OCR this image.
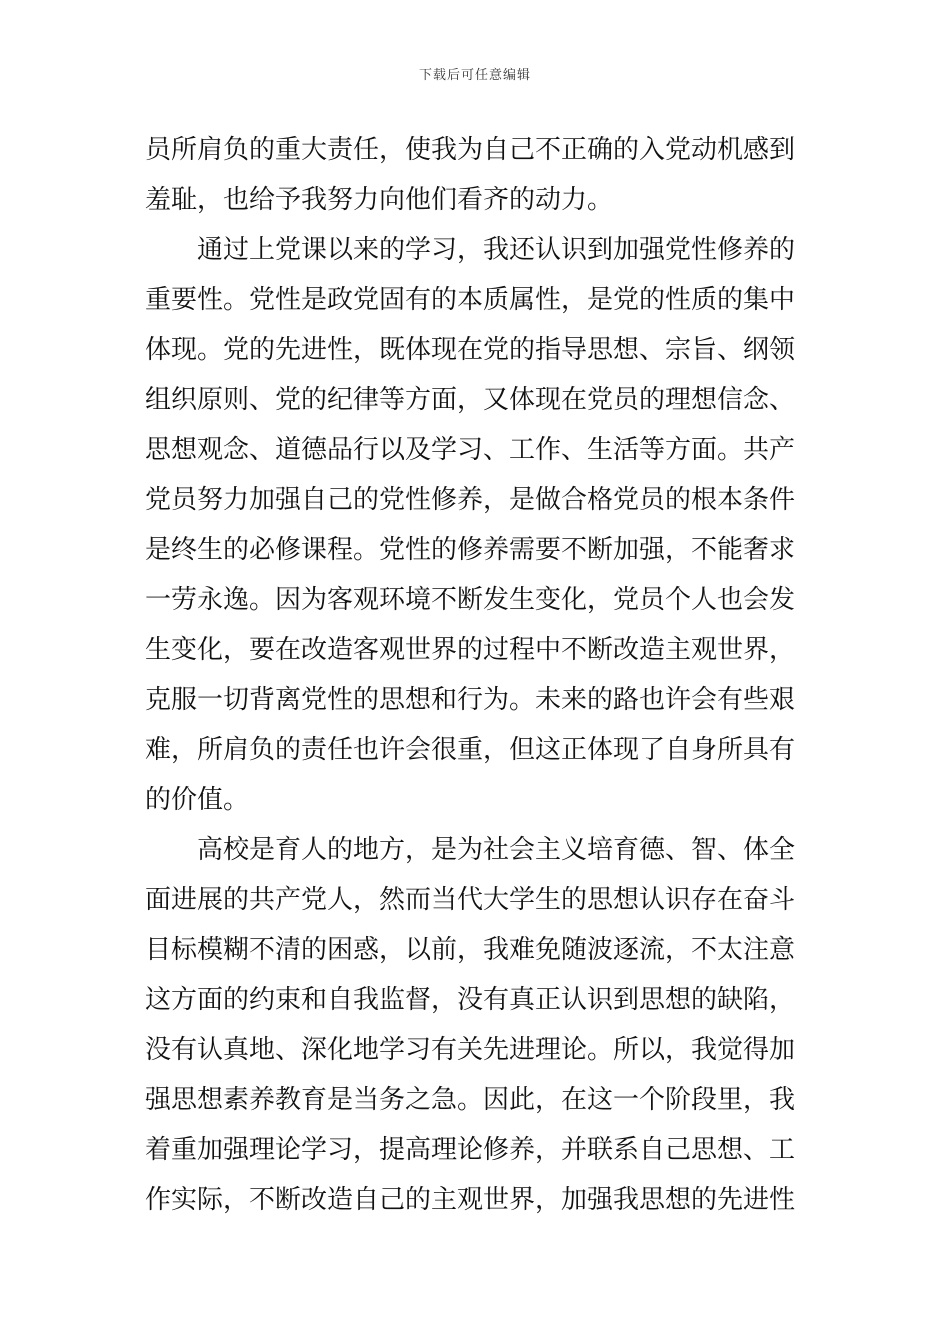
下载后可任意编辑
员所肩负的重大责任，使我为自己不正确的入党动机感到
羞耻，也给予我努力向他们看齐的动力。
　　通过上党课以来的学习，我还认识到加强党性修养的
重要性。党性是政党固有的本质属性，是党的性质的集中
体现。党的先进性，既体现在党的指导思想、宗旨、纲领
组织原则、党的纪律等方面，又体现在党员的理想信念、
思想观念、道德品行以及学习、工作、生活等方面。共产
党员努力加强自己的党性修养，是做合格党员的根本条件
是终生的必修课程。党性的修养需要不断加强，不能奢求
一劳永逸。因为客观环境不断发生变化，党员个人也会发
生变化，要在改造客观世界的过程中不断改造主观世界，
克服一切背离党性的思想和行为。未来的路也许会有些艰
难，所肩负的责任也许会很重，但这正体现了自身所具有
的价值。
　　高校是育人的地方，是为社会主义培育德、智、体全
面进展的共产党人，然而当代大学生的思想认识存在奋斗
目标模糊不清的困惑，以前，我难免随波逐流，不太注意
这方面的约束和自我监督，没有真正认识到思想的缺陷，
没有认真地、深化地学习有关先进理论。所以，我觉得加
强思想素养教育是当务之急。因此，在这一个阶段里，我
着重加强理论学习，提高理论修养，并联系自己思想、工
作实际，不断改造自己的主观世界，加强我思想的先进性
